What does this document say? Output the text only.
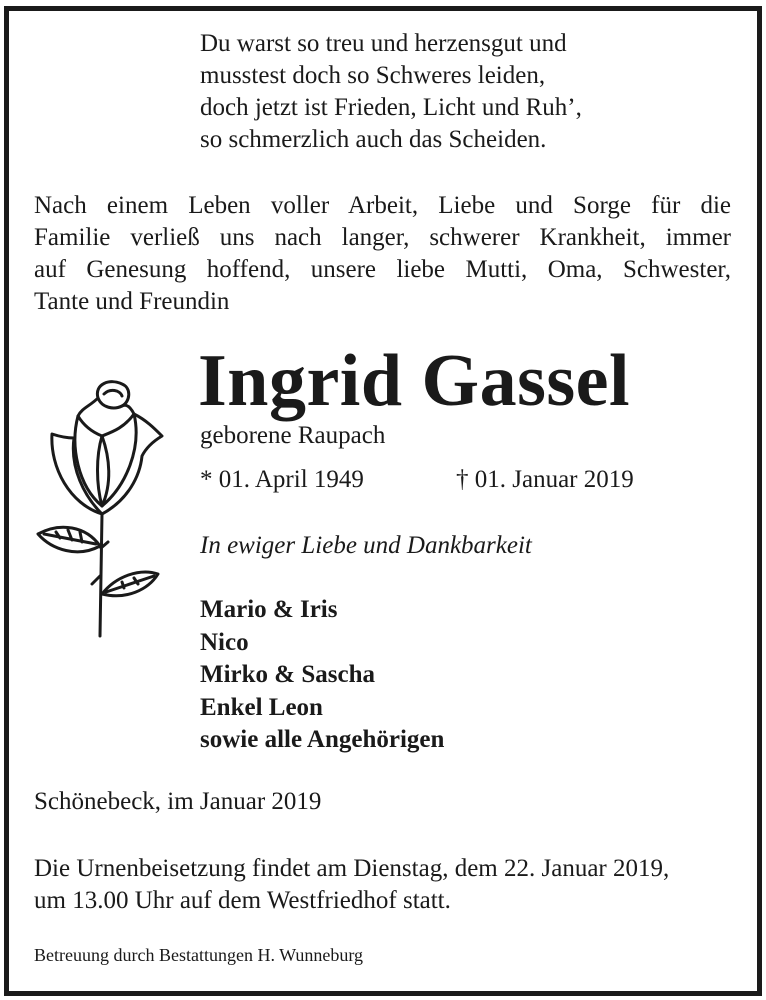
Du warst so treu und herzensgut und
musstest doch so Schweres leiden,
doch jetzt ist Frieden, Licht und Ruh’,
so schmerzlich auch das Scheiden.
Nach einem Leben voller Arbeit, Liebe und Sorge für die
Familie verließ uns nach langer, schwerer Krankheit, immer
auf Genesung hoffend, unsere liebe Mutti, Oma, Schwester,
Tante und Freundin
Ingrid Gassel
geborene Raupach
* 01. April 1949	† 01. Januar 2019
In ewiger Liebe und Dankbarkeit
Mario & Iris
Nico
Mirko & Sascha
Enkel Leon
sowie alle Angehörigen
Schönebeck, im Januar 2019
Die Urnenbeisetzung findet am Dienstag, dem 22. Januar 2019,
um 13.00 Uhr auf dem Westfriedhof statt.
Betreuung durch Bestattungen H. Wunneburg
